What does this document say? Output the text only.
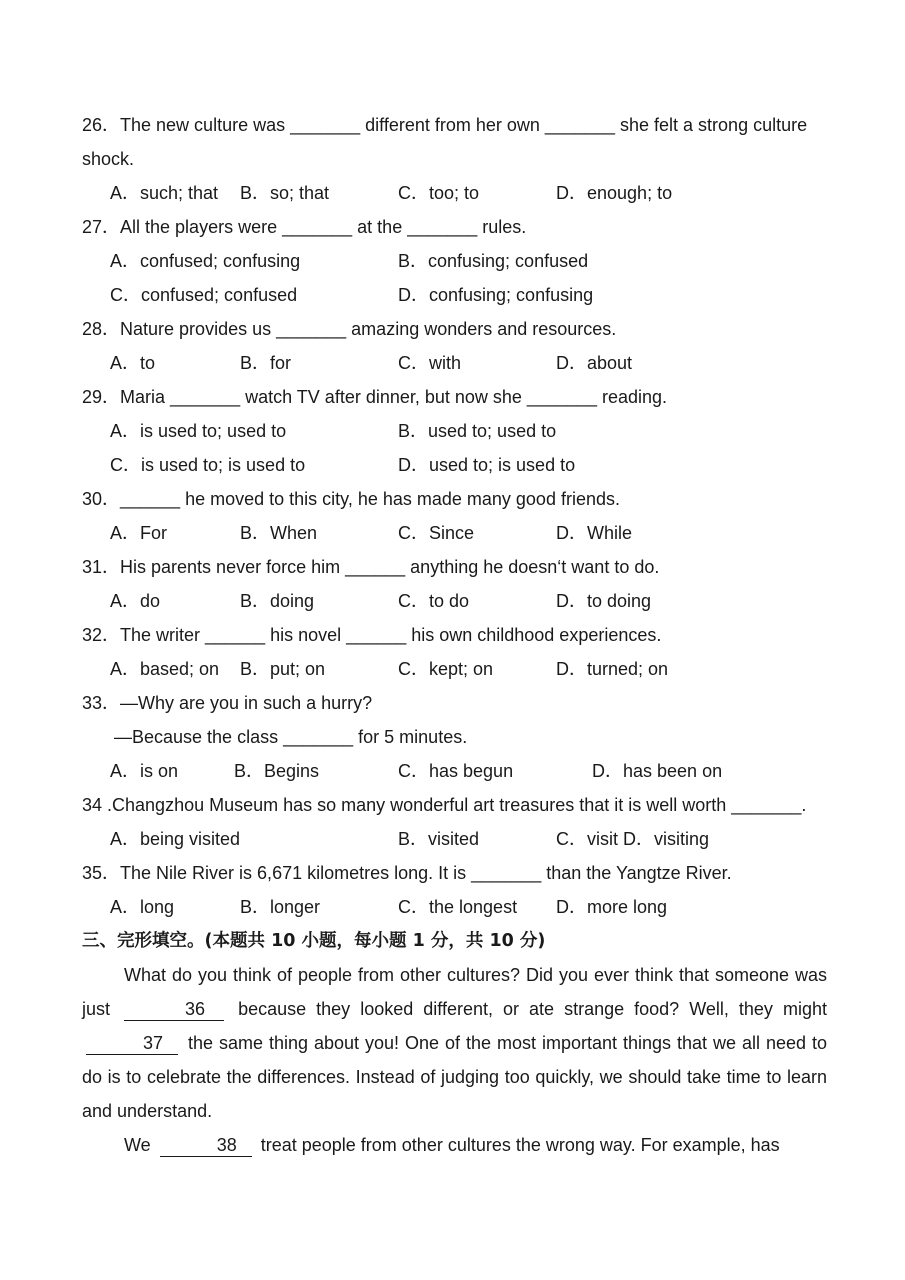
26．The new culture was _______ different from her own _______ she felt a strong culture
shock.
A．such; that B．so; that	C．too; to	D．enough; to
27．All the players were _______ at the _______ rules.
A．confused; confusing	B．confusing; confused
C．confused; confused	D．confusing; confusing
28．Nature provides us _______ amazing wonders and resources.
A．to	B．for	C．with	D．about
29．Maria _______ watch TV after dinner, but now she _______ reading.
A．is used to; used to	B．used to; used to
C．is used to; is used to	D．used to; is used to
30．______ he moved to this city, he has made many good friends.
A．For	B．When	C．Since	D．While
31．His parents never force him ______ anything he doesn‘t want to do.
A．do	B．doing	C．to do	D．to doing
32．The writer ______ his novel ______ his own childhood experiences.
A．based; on B．put; on	C．kept; on	D．turned; on
33．—Why are you in such a hurry?
—Because the class _______ for 5 minutes.
A．is on	B．Begins	C．has begun	D．has been on
34 .Changzhou Museum has so many wonderful art treasures that it is well worth _______.
A．being visited	B．visited	C．visit D．visiting
35．The Nile River is 6,671 kilometres long. It is _______ than the Yangtze River.
A．long	B．longer	C．the longest D．more long
三、完形填空。(本题共 10 小题，每小题 1 分，共 10 分)
What do you think of people from other cultures? Did you ever think that someone was just	36 because they looked different, or ate strange food? Well, they might 37 the same thing about you! One of the most important things that we all need to do is to celebrate the differences. Instead of judging too quickly, we should take time to learn and understand.
We	38 treat people from other cultures the wrong way. For example, has
